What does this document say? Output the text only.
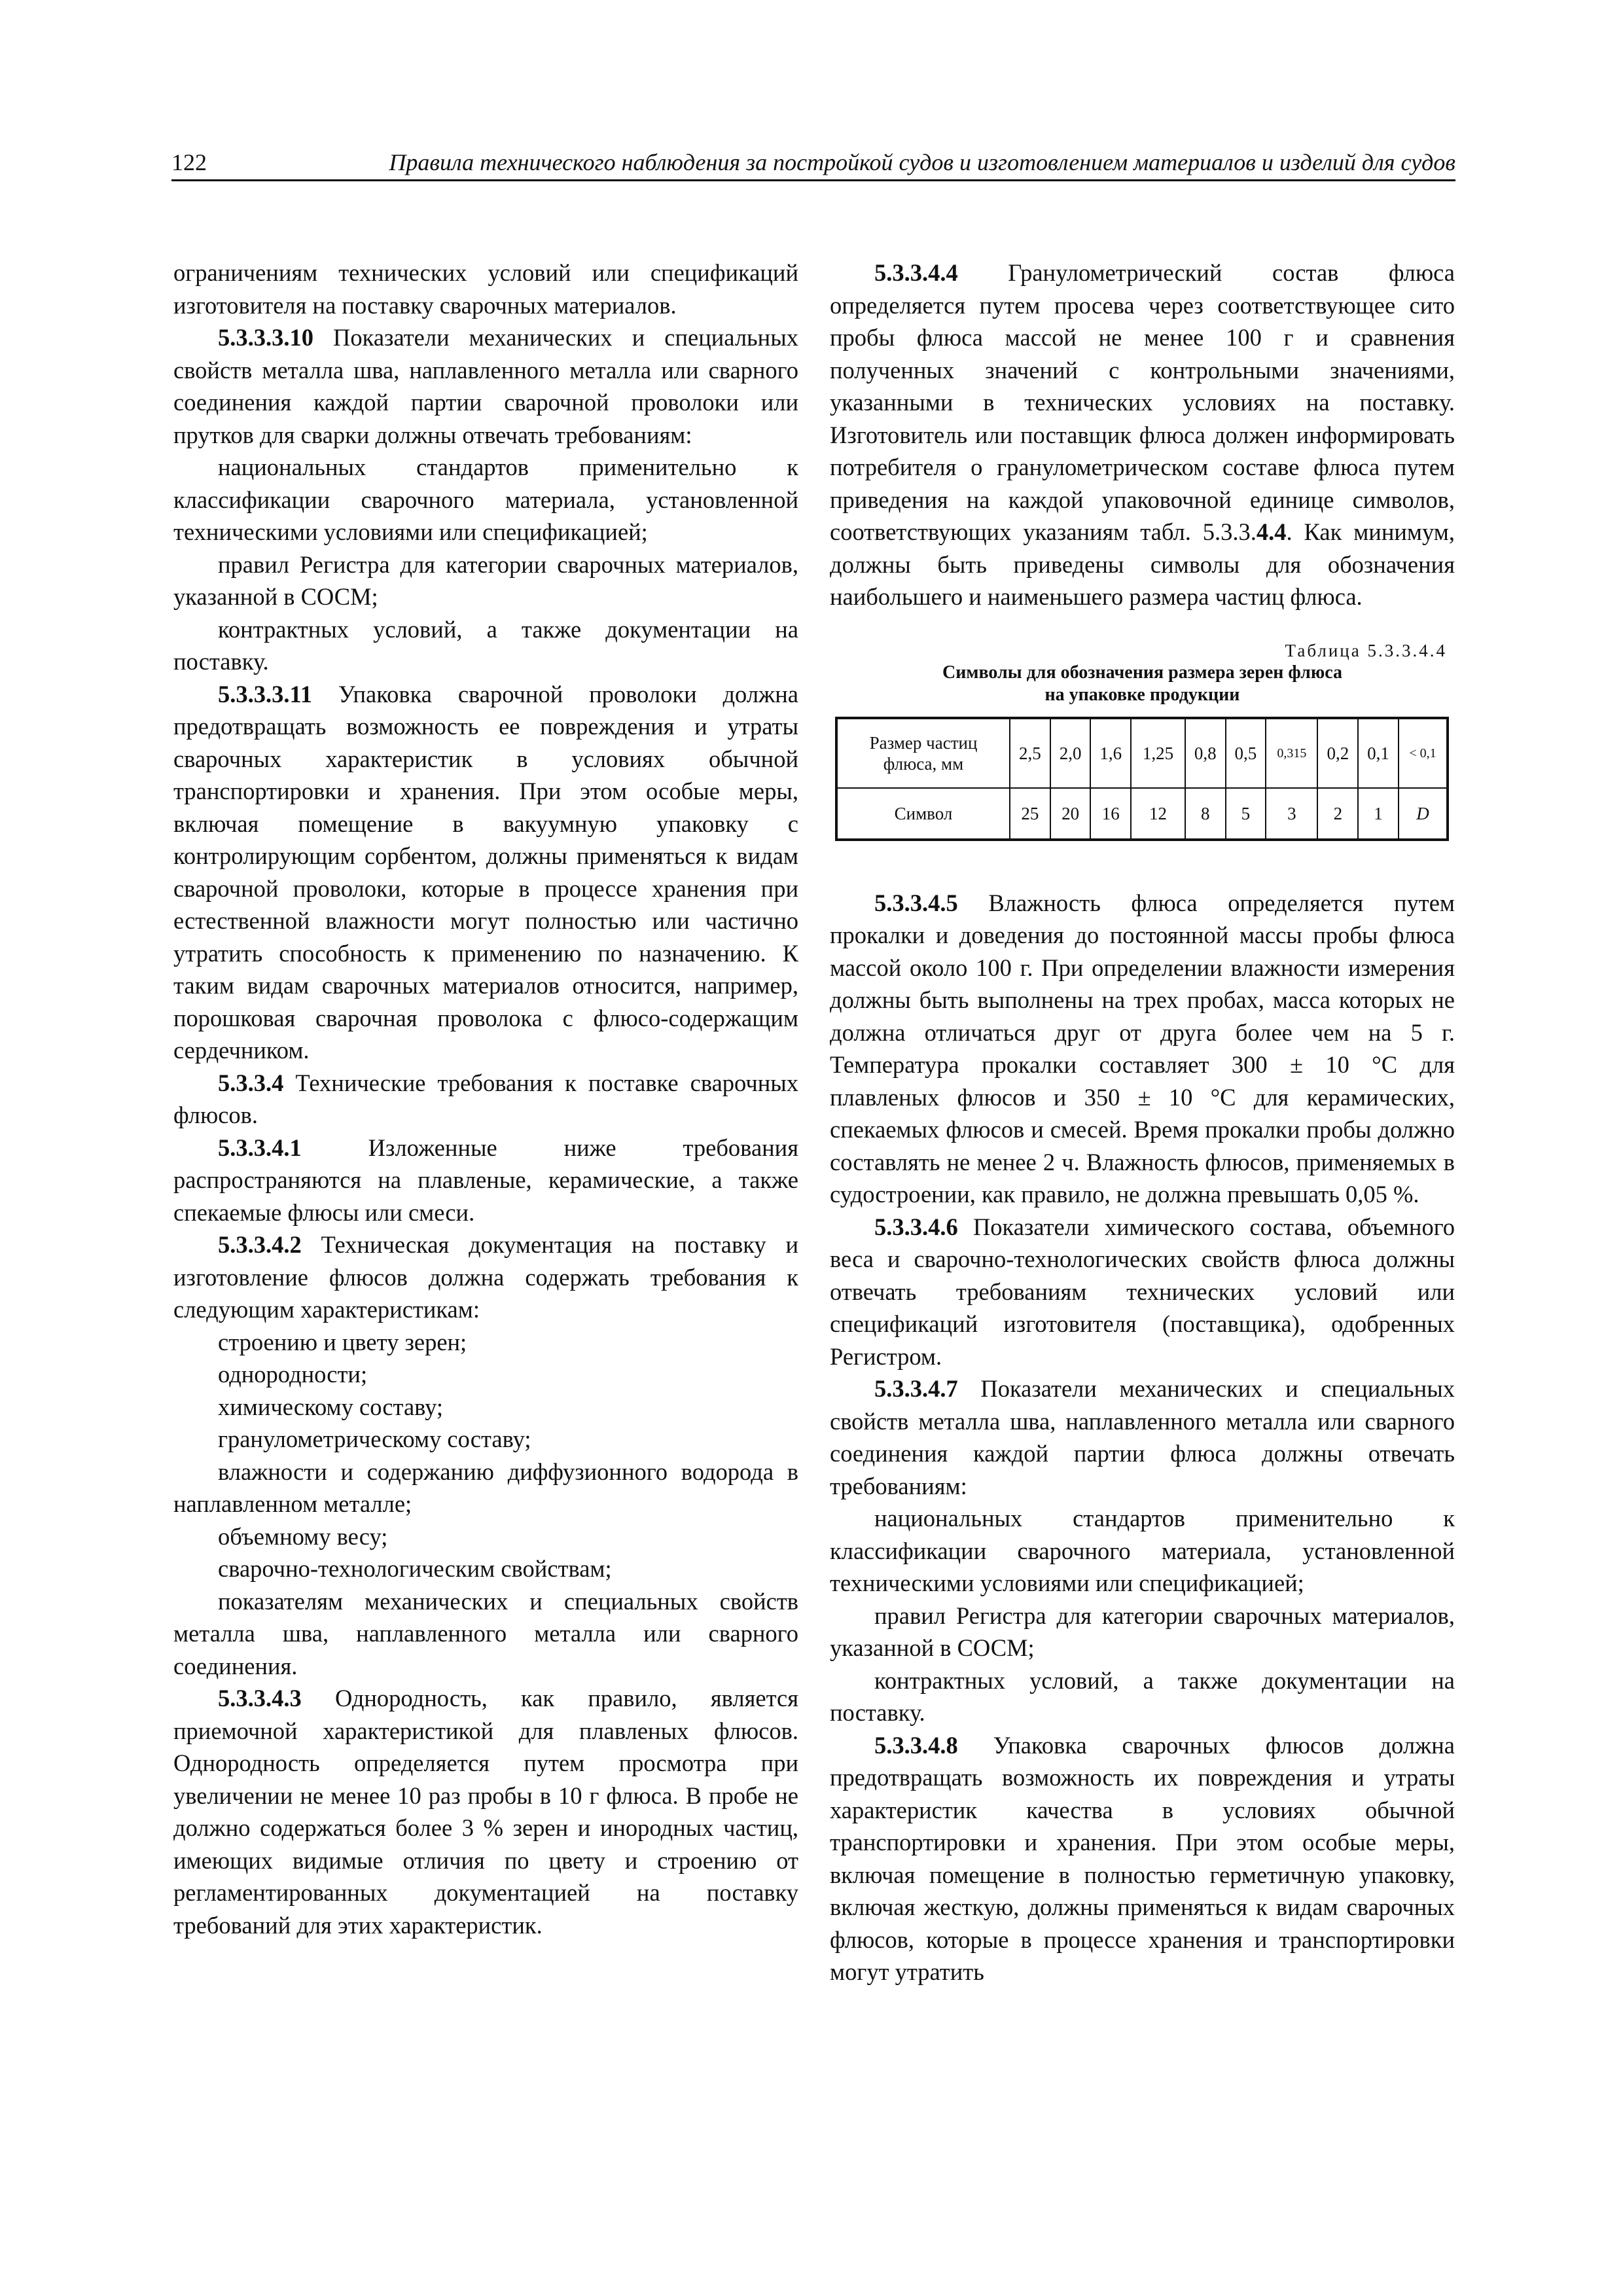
122	Правила технического наблюдения за постройкой судов и изготовлением материалов и изделий для судов

ограничениям технических условий или спецификаций изготовителя на поставку сварочных материалов.

5.3.3.3.10 Показатели механических и специальных свойств металла шва, наплавленного металла или сварного соединения каждой партии сварочной проволоки или прутков для сварки должны отвечать требованиям:

национальных стандартов применительно к классификации сварочного материала, установленной техническими условиями или спецификацией;

правил Регистра для категории сварочных материалов, указанной в СОСМ;

контрактных условий, а также документации на поставку.

5.3.3.3.11 Упаковка сварочной проволоки должна предотвращать возможность ее повреждения и утраты сварочных характеристик в условиях обычной транспортировки и хранения. При этом особые меры, включая помещение в вакуумную упаковку с контролирующим сорбентом, должны применяться к видам сварочной проволоки, которые в процессе хранения при естественной влажности могут полностью или частично утратить способность к применению по назначению. К таким видам сварочных материалов относится, например, порошковая сварочная проволока с флюсо-содержащим сердечником.

5.3.3.4 Технические требования к поставке сварочных флюсов.

5.3.3.4.1 Изложенные ниже требования распространяются на плавленые, керамические, а также спекаемые флюсы или смеси.

5.3.3.4.2 Техническая документация на поставку и изготовление флюсов должна содержать требования к следующим характеристикам:

строению и цвету зерен;

однородности;

химическому составу;

гранулометрическому составу;

влажности и содержанию диффузионного водорода в наплавленном металле;

объемному весу;

сварочно-технологическим свойствам;

показателям механических и специальных свойств металла шва, наплавленного металла или сварного соединения.

5.3.3.4.3 Однородность, как правило, является приемочной характеристикой для плавленых флюсов. Однородность определяется путем просмотра при увеличении не менее 10 раз пробы в 10 г флюса. В пробе не должно содержаться более 3 % зерен и инородных частиц, имеющих видимые отличия по цвету и строению от регламентированных документацией на поставку требований для этих характеристик.

5.3.3.4.4 Гранулометрический состав флюса определяется путем просева через соответствующее сито пробы флюса массой не менее 100 г и сравнения полученных значений с контрольными значениями, указанными в технических условиях на поставку. Изготовитель или поставщик флюса должен информировать потребителя о гранулометрическом составе флюса путем приведения на каждой упаковочной единице символов, соответствующих указаниям табл. 5.3.3.4.4. Как минимум, должны быть приведены символы для обозначения наибольшего и наименьшего размера частиц флюса.

Таблица 5.3.3.4.4
Символы для обозначения размера зерен флюса
на упаковке продукции
Размер частиц флюса, мм	2,5	2,0	1,6	1,25	0,8	0,5	0,315	0,2	0,1	< 0,1
Символ	25	20	16	12	8	5	3	2	1	D

5.3.3.4.5 Влажность флюса определяется путем прокалки и доведения до постоянной массы пробы флюса массой около 100 г. При определении влажности измерения должны быть выполнены на трех пробах, масса которых не должна отличаться друг от друга более чем на 5 г. Температура прокалки составляет 300 ± 10 °С для плавленых флюсов и 350 ± 10 °С для керамических, спекаемых флюсов и смесей. Время прокалки пробы должно составлять не менее 2 ч. Влажность флюсов, применяемых в судостроении, как правило, не должна превышать 0,05 %.

5.3.3.4.6 Показатели химического состава, объемного веса и сварочно-технологических свойств флюса должны отвечать требованиям технических условий или спецификаций изготовителя (поставщика), одобренных Регистром.

5.3.3.4.7 Показатели механических и специальных свойств металла шва, наплавленного металла или сварного соединения каждой партии флюса должны отвечать требованиям:

национальных стандартов применительно к классификации сварочного материала, установленной техническими условиями или спецификацией;

правил Регистра для категории сварочных материалов, указанной в СОСМ;

контрактных условий, а также документации на поставку.

5.3.3.4.8 Упаковка сварочных флюсов должна предотвращать возможность их повреждения и утраты характеристик качества в условиях обычной транспортировки и хранения. При этом особые меры, включая помещение в полностью герметичную упаковку, включая жесткую, должны применяться к видам сварочных флюсов, которые в процессе хранения и транспортировки могут утратить
